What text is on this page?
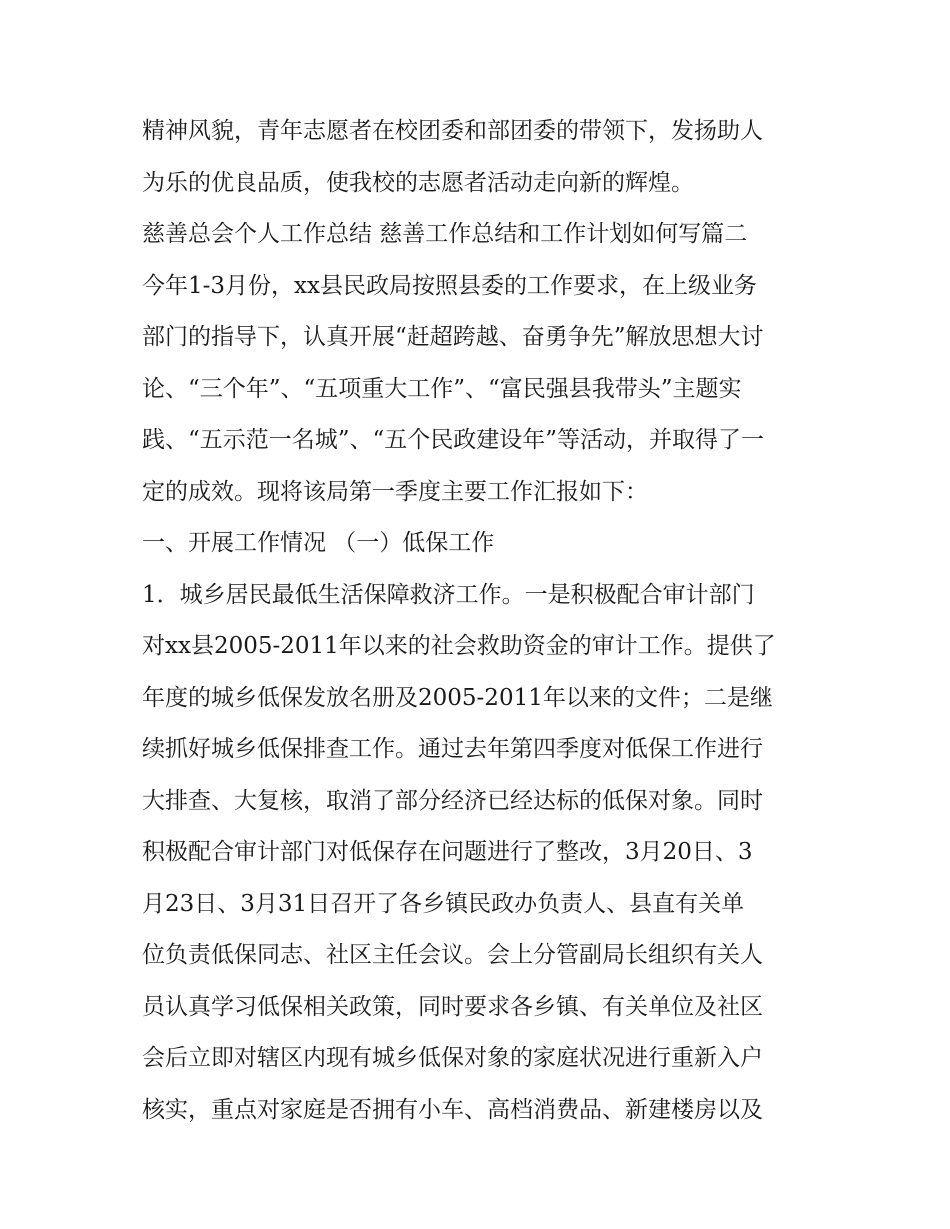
精神风貌，青年志愿者在校团委和部团委的带领下，发扬助人
为乐的优良品质，使我校的志愿者活动走向新的辉煌。
慈善总会个人工作总结 慈善工作总结和工作计划如何写篇二
今年1-3月份，xx县民政局按照县委的工作要求，在上级业务
部门的指导下，认真开展“赶超跨越、奋勇争先”解放思想大讨
论、“三个年”、“五项重大工作”、“富民强县我带头”主题实
践、“五示范一名城”、“五个民政建设年”等活动，并取得了一
定的成效。现将该局第一季度主要工作汇报如下：
一、开展工作情况 （一）低保工作
1．城乡居民最低生活保障救济工作。一是积极配合审计部门
对xx县2005-2011年以来的社会救助资金的审计工作。提供了
年度的城乡低保发放名册及2005-2011年以来的文件；二是继
续抓好城乡低保排查工作。通过去年第四季度对低保工作进行
大排查、大复核，取消了部分经济已经达标的低保对象。同时
积极配合审计部门对低保存在问题进行了整改，3月20日、3
月23日、3月31日召开了各乡镇民政办负责人、县直有关单
位负责低保同志、社区主任会议。会上分管副局长组织有关人
员认真学习低保相关政策，同时要求各乡镇、有关单位及社区
会后立即对辖区内现有城乡低保对象的家庭状况进行重新入户
核实，重点对家庭是否拥有小车、高档消费品、新建楼房以及
